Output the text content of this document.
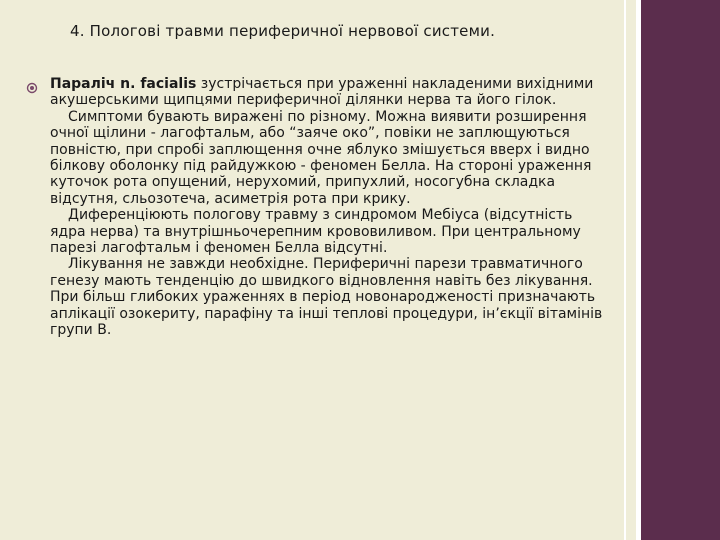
4. Пологові травми периферичної нервової системи.

Параліч n. facialis зустрічається при ураженні накладеними вихідними акушерськими щипцями периферичної ділянки нерва та його гілок.

Симптоми бувають виражені по різному. Можна виявити розширення очної щілини - лагофтальм, або “заяче око”, повіки не заплющуються повністю, при спробі заплющення очне яблуко змішується вверх і видно білкову оболонку під райдужкою - феномен Белла. На стороні ураження куточок рота опущений, нерухомий, припухлий, носогубна складка відсутня, сльозотеча, асиметрія рота при крику.

Диференціюють пологову травму з синдромом Мебіуса (відсутність ядра нерва) та внутрішньочерепним крововиливом. При центральному парезі лагофтальм і феномен Белла відсутні.

Лікування не завжди необхідне. Периферичні парези травматичного генезу мають тенденцію до швидкого відновлення навіть без лікування. При більш глибоких ураженнях в період новонародженості призначають аплікації озокериту, парафіну та інші теплові процедури, ін’єкції вітамінів групи В.
